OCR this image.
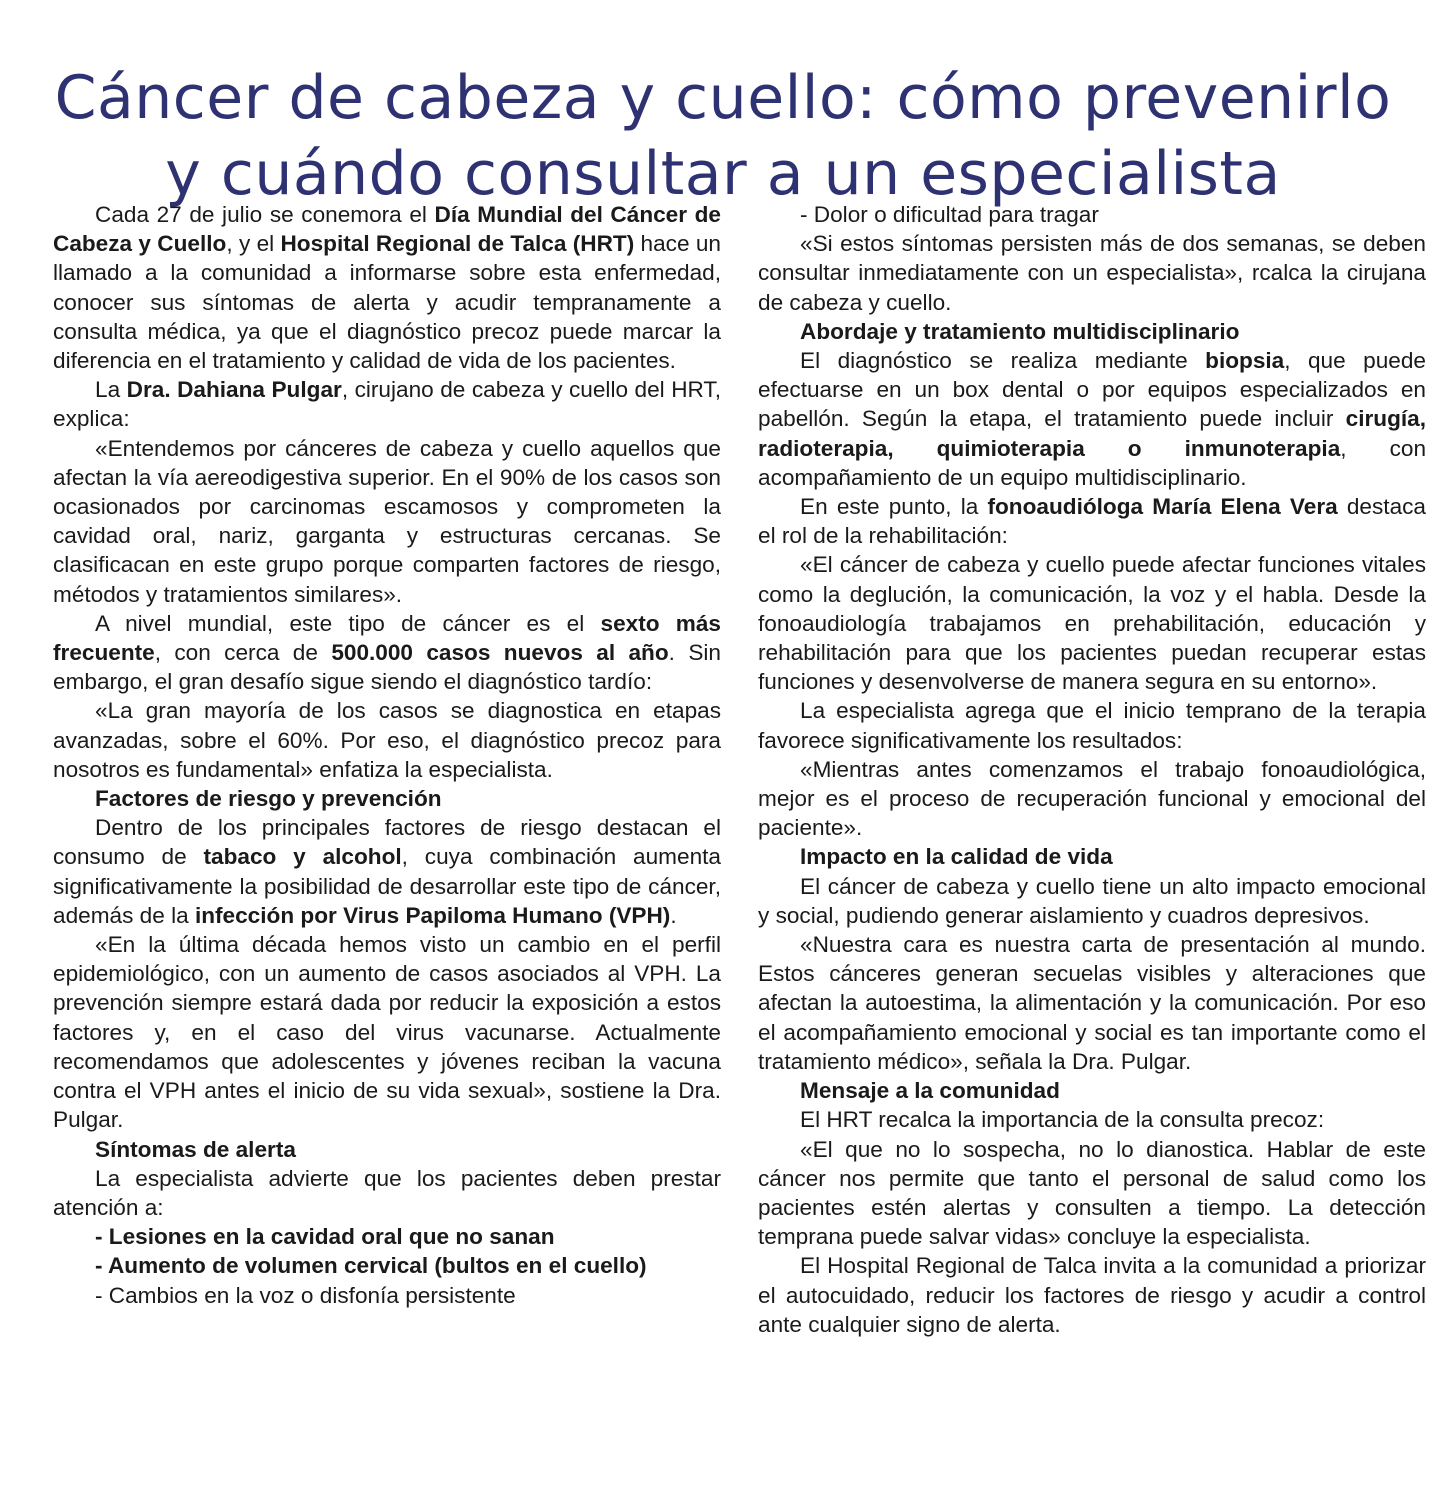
Cáncer de cabeza y cuello: cómo prevenirlo
y cuándo consultar a un especialista

Cada 27 de julio se conemora el Día Mundial del Cáncer de Cabeza y Cuello, y el Hospital Regional de Talca (HRT) hace un llamado a la comunidad a informarse sobre esta enfermedad, conocer sus síntomas de alerta y acudir tempranamente a consulta médica, ya que el diagnóstico precoz puede marcar la diferencia en el tratamiento y calidad de vida de los pacientes.

La Dra. Dahiana Pulgar, cirujano de cabeza y cuello del HRT, explica:

«Entendemos por cánceres de cabeza y cuello aquellos que afectan la vía aereodigestiva superior. En el 90% de los casos son ocasionados por carcinomas escamosos y comprometen la cavidad oral, nariz, garganta y estructuras cercanas. Se clasificacan en este grupo porque comparten factores de riesgo, métodos y tratamientos similares».

A nivel mundial, este tipo de cáncer es el sexto más frecuente, con cerca de 500.000 casos nuevos al año. Sin embargo, el gran desafío sigue siendo el diagnóstico tardío:

«La gran mayoría de los casos se diagnostica en etapas avanzadas, sobre el 60%. Por eso, el diagnóstico precoz para nosotros es fundamental» enfatiza la especialista.

Factores de riesgo y prevención

Dentro de los principales factores de riesgo destacan el consumo de tabaco y alcohol, cuya combinación aumenta significativamente la posibilidad de desarrollar este tipo de cáncer, además de la infección por Virus Papiloma Humano (VPH).

«En la última década hemos visto un cambio en el perfil epidemiológico, con un aumento de casos asociados al VPH. La prevención siempre estará dada por reducir la exposición a estos factores y, en el caso del virus vacunarse. Actualmente recomendamos que adolescentes y jóvenes reciban la vacuna contra el VPH antes el inicio de su vida sexual», sostiene la Dra. Pulgar.

Síntomas de alerta

La especialista advierte que los pacientes deben prestar atención a:

- Lesiones en la cavidad oral que no sanan

- Aumento de volumen cervical (bultos en el cuello)

- Cambios en la voz o disfonía persistente

- Dolor o dificultad para tragar

«Si estos síntomas persisten más de dos semanas, se deben consultar inmediatamente con un especialista», rcalca la cirujana de cabeza y cuello.

Abordaje y tratamiento multidisciplinario

El diagnóstico se realiza mediante biopsia, que puede efectuarse en un box dental o por equipos especializados en pabellón. Según la etapa, el tratamiento puede incluir cirugía, radioterapia, quimioterapia o inmunoterapia, con acompañamiento de un equipo multidisciplinario.

En este punto, la fonoaudióloga María Elena Vera destaca el rol de la rehabilitación:

«El cáncer de cabeza y cuello puede afectar funciones vitales como la deglución, la comunicación, la voz y el habla. Desde la fonoaudiología trabajamos en prehabilitación, educación y rehabilitación para que los pacientes puedan recuperar estas funciones y desenvolverse de manera segura en su entorno».

La especialista agrega que el inicio temprano de la terapia favorece significativamente los resultados:

«Mientras antes comenzamos el trabajo fonoaudiológica, mejor es el proceso de recuperación funcional y emocional del paciente».

Impacto en la calidad de vida

El cáncer de cabeza y cuello tiene un alto impacto emocional y social, pudiendo generar aislamiento y cuadros depresivos.

«Nuestra cara es nuestra carta de presentación al mundo. Estos cánceres generan secuelas visibles y alteraciones que afectan la autoestima, la alimentación y la comunicación. Por eso el acompañamiento emocional y social es tan importante como el tratamiento médico», señala la Dra. Pulgar.

Mensaje a la comunidad

El HRT recalca la importancia de la consulta precoz:

«El que no lo sospecha, no lo dianostica. Hablar de este cáncer nos permite que tanto el personal de salud como los pacientes estén alertas y consulten a tiempo. La detección temprana puede salvar vidas» concluye la especialista.

El Hospital Regional de Talca invita a la comunidad a priorizar el autocuidado, reducir los factores de riesgo y acudir a control ante cualquier signo de alerta.
